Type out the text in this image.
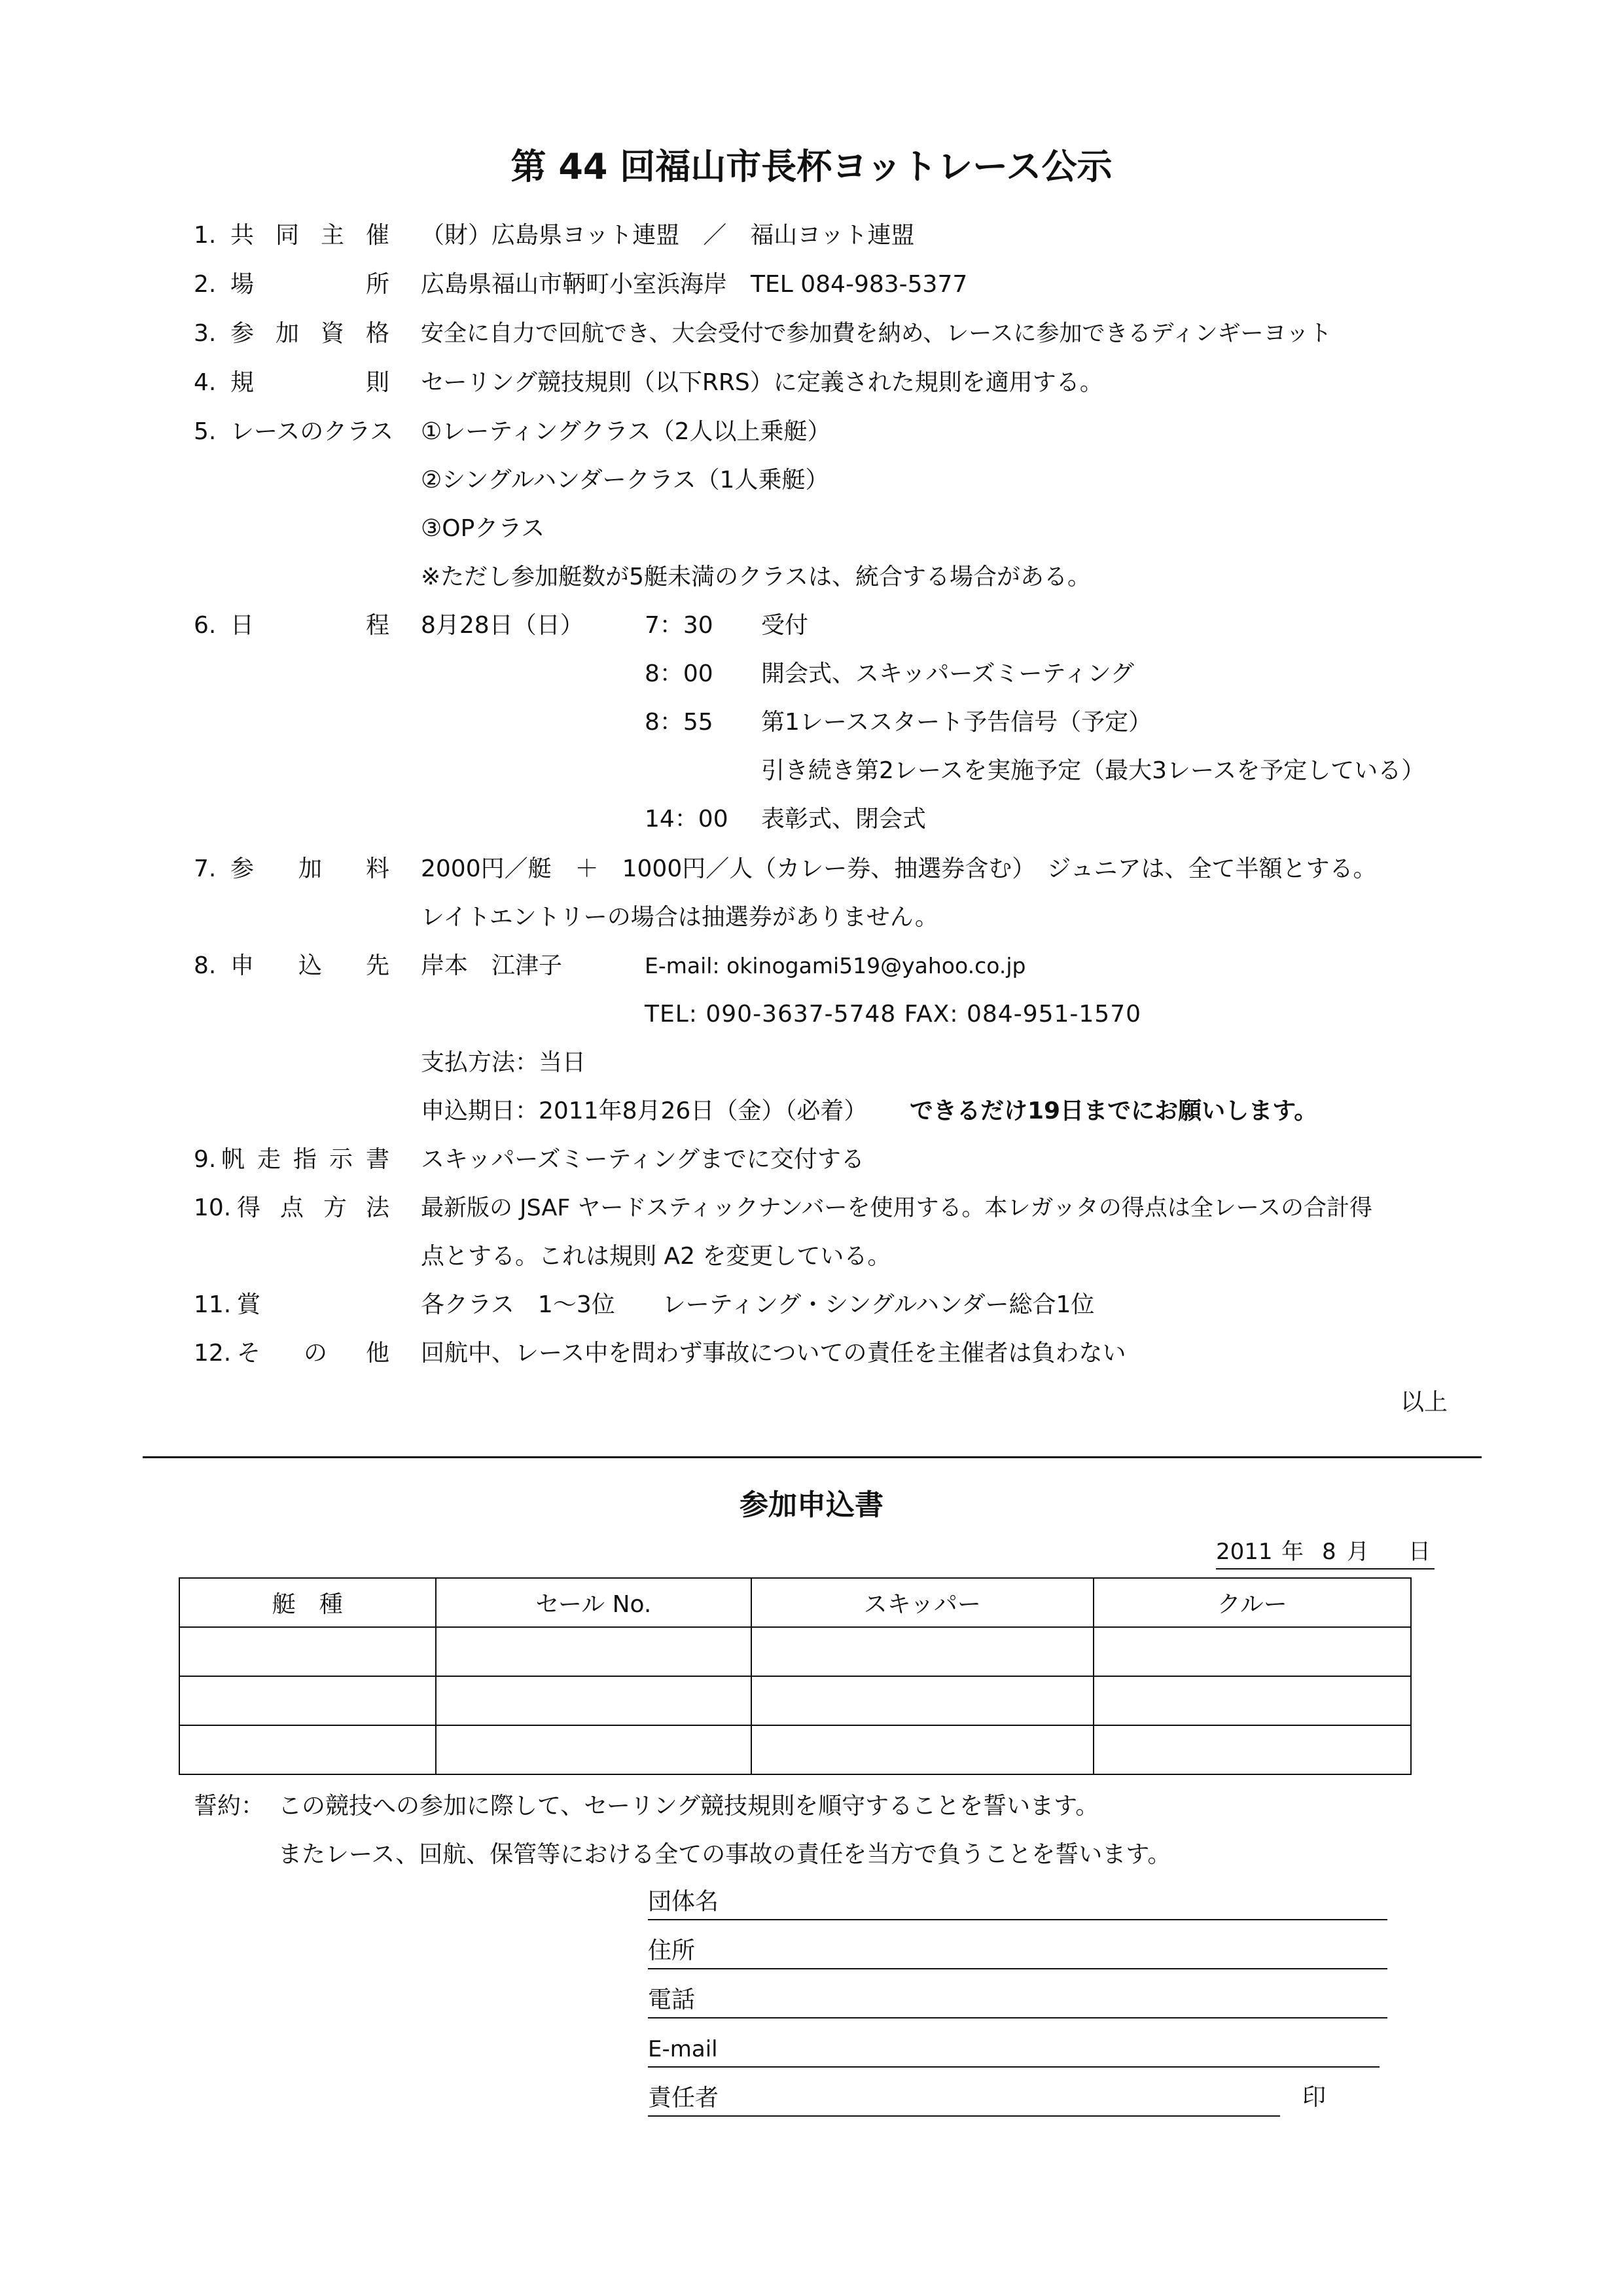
第 44 回福山市長杯ヨットレース公示
1. 共 同 主 催 （財）広島県ヨット連盟　／　福山ヨット連盟
2. 場	所 広島県福山市鞆町小室浜海岸　TEL 084-983-5377
3. 参 加 資 格 安全に自力で回航でき、大会受付で参加費を納め、レースに参加できるディンギーヨット
4. 規	則 セーリング競技規則（以下RRS）に定義された規則を適用する。
5. レースのクラス ①レーティングクラス（2人以上乗艇）
②シングルハンダークラス（1人乗艇）
③OPクラス
※ただし参加艇数が5艇未満のクラスは、統合する場合がある。
6. 日	程 8月28日（日）	7：30 受付
8：00 開会式、スキッパーズミーティング
8：55 第1レーススタート予告信号（予定）
引き続き第2レースを実施予定（最大3レースを予定している）
14：00 表彰式、閉会式
7. 参 加 料 2000円／艇　＋　1000円／人（カレー券、抽選券含む）　ジュニアは、全て半額とする。
レイトエントリーの場合は抽選券がありません。
8. 申 込 先 岸本　江津子	E-mail: okinogami519@yahoo.co.jp
TEL: 090-3637-5748 FAX: 084-951-1570
支払方法：当日
申込期日：2011年8月26日（金）（必着） できるだけ19日までにお願いします。
9. 帆 走 指 示 書 スキッパーズミーティングまでに交付する
10. 得 点 方 法 最新版の JSAF ヤードスティックナンバーを使用する。本レガッタの得点は全レースの合計得
点とする。これは規則 A2 を変更している。
11. 賞	各クラス　1～3位　　レーティング・シングルハンダー総合1位
12. そ の 他 回航中、レース中を問わず事故についての責任を主催者は負わない
以上
参加申込書
2011 年 8 月 日
艇　種	セール No.	スキッパー	クルー

誓約： この競技への参加に際して、セーリング競技規則を順守することを誓います。
またレース、回航、保管等における全ての事故の責任を当方で負うことを誓います。
団体名
住所
電話
E-mail
責任者	印
